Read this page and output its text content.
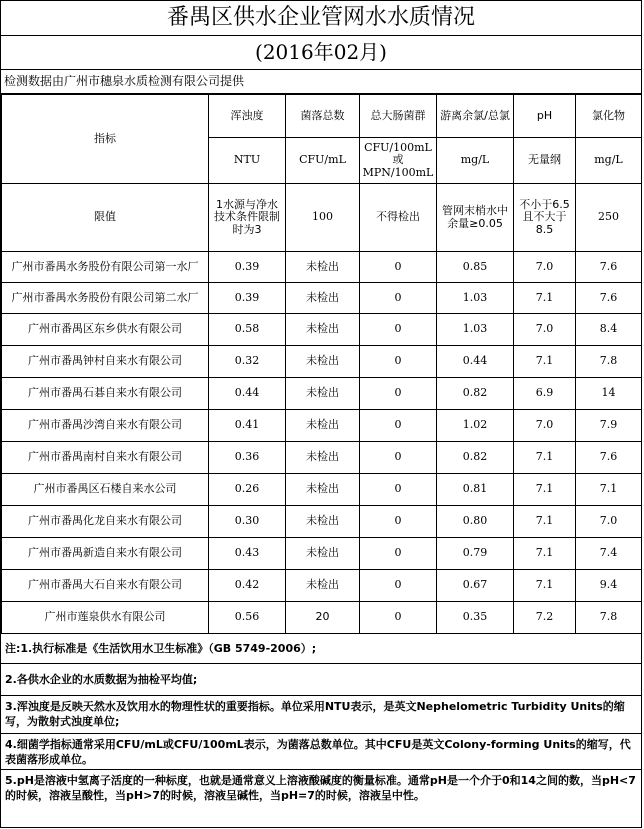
番禺区供水企业管网水水质情况
(2016年02月)
检测数据由广州市穗泉水质检测有限公司提供
指标	浑浊度	菌落总数	总大肠菌群	游离余氯/总氯	pH	氯化物
	NTU	CFU/mL	CFU/100mL或MPN/100mL	mg/L	无量纲	mg/L
限值	1水源与净水技术条件限制时为3	100	不得检出	管网末梢水中 余量≥0.05	不小于6.5且不大于8.5	250
广州市番禺水务股份有限公司第一水厂	0.39	未检出	0	0.85	7.0	7.6
广州市番禺水务股份有限公司第二水厂	0.39	未检出	0	1.03	7.1	7.6
广州市番禺区东乡供水有限公司	0.58	未检出	0	1.03	7.0	8.4
广州市番禺钟村自来水有限公司	0.32	未检出	0	0.44	7.1	7.8
广州市番禺石碁自来水有限公司	0.44	未检出	0	0.82	6.9	14
广州市番禺沙湾自来水有限公司	0.41	未检出	0	1.02	7.0	7.9
广州市番禺南村自来水有限公司	0.36	未检出	0	0.82	7.1	7.6
广州市番禺区石楼自来水公司	0.26	未检出	0	0.81	7.1	7.1
广州市番禺化龙自来水有限公司	0.30	未检出	0	0.80	7.1	7.0
广州市番禺新造自来水有限公司	0.43	未检出	0	0.79	7.1	7.4
广州市番禺大石自来水有限公司	0.42	未检出	0	0.67	7.1	9.4
广州市莲泉供水有限公司	0.56	20	0	0.35	7.2	7.8
注:1.执行标准是《生活饮用水卫生标准》（GB 5749-2006）;
2.各供水企业的水质数据为抽检平均值;
3.浑浊度是反映天然水及饮用水的物理性状的重要指标。单位采用NTU表示，是英文Nephelometric Turbidity Units的缩写，为散射式浊度单位;
4.细菌学指标通常采用CFU/mL或CFU/100mL表示，为菌落总数单位。其中CFU是英文Colony-forming Units的缩写，代表菌落形成单位。
5.pH是溶液中氢离子活度的一种标度，也就是通常意义上溶液酸碱度的衡量标准。通常pH是一个介于0和14之间的数，当pH<7的时候，溶液呈酸性，当pH>7的时候，溶液呈碱性，当pH=7的时候，溶液呈中性。
